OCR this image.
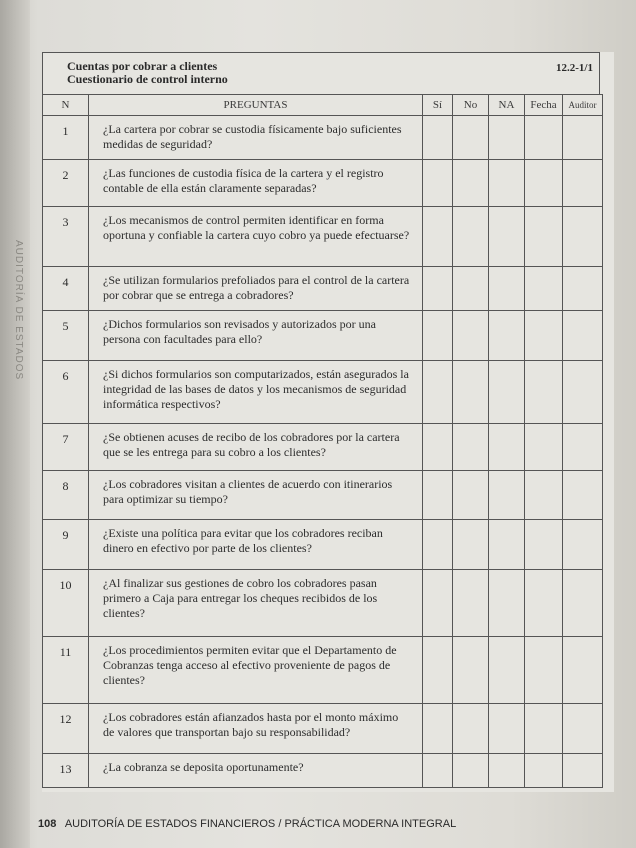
AUDITORÍA DE ESTADOS
Cuentas por cobrar a clientes
Cuestionario de control interno
12.2-1/1
N	PREGUNTAS	Sí	No	NA	Fecha	Auditor
1	¿La cartera por cobrar se custodia físicamente bajo suficientes medidas de seguridad?					
2	¿Las funciones de custodia física de la cartera y el registro contable de ella están claramente separadas?					
3	¿Los mecanismos de control permiten identificar en forma oportuna y confiable la cartera cuyo cobro ya puede efectuarse?					
4	¿Se utilizan formularios prefoliados para el control de la cartera por cobrar que se entrega a cobradores?					
5	¿Dichos formularios son revisados y autorizados por una persona con facultades para ello?					
6	¿Si dichos formularios son computarizados, están asegurados la integridad de las bases de datos y los mecanismos de seguridad informática respectivos?					
7	¿Se obtienen acuses de recibo de los cobradores por la cartera que se les entrega para su cobro a los clientes?					
8	¿Los cobradores visitan a clientes de acuerdo con itinerarios para optimizar su tiempo?					
9	¿Existe una política para evitar que los cobradores reciban dinero en efectivo por parte de los clientes?					
10	¿Al finalizar sus gestiones de cobro los cobradores pasan primero a Caja para entregar los cheques recibidos de los clientes?					
11	¿Los procedimientos permiten evitar que el Departamento de Cobranzas tenga acceso al efectivo proveniente de pagos de clientes?					
12	¿Los cobradores están afianzados hasta por el monto máximo de valores que transportan bajo su responsabilidad?					
13	¿La cobranza se deposita oportunamente?					
108 AUDITORÍA DE ESTADOS FINANCIEROS / PRÁCTICA MODERNA INTEGRAL
